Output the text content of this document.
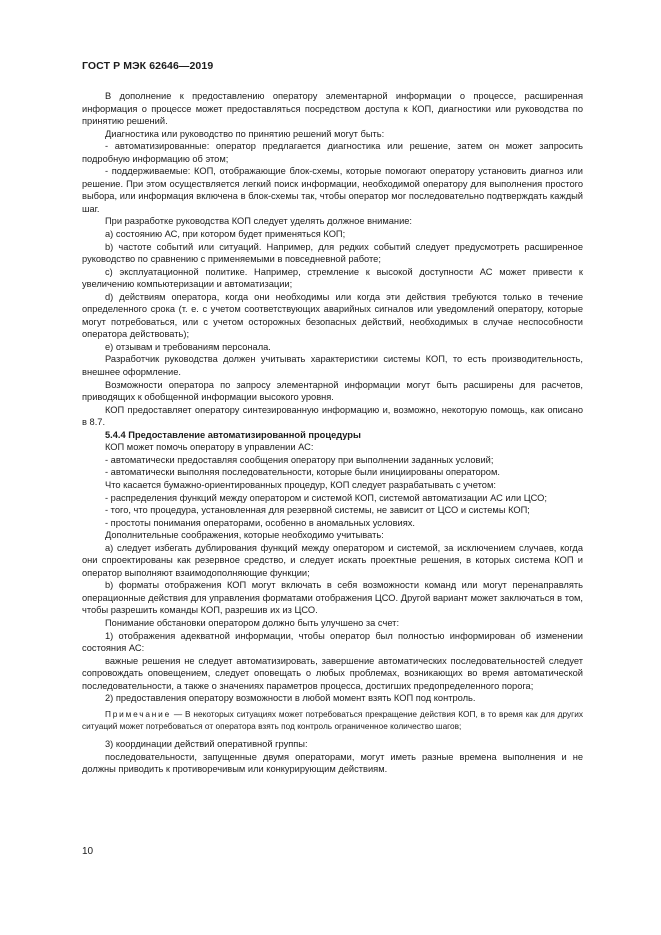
ГОСТ Р МЭК 62646—2019

В дополнение к предоставлению оператору элементарной информации о процессе, расширенная информация о процессе может предоставляться посредством доступа к КОП, диагностики или руководства по принятию решений.

Диагностика или руководство по принятию решений могут быть:

- автоматизированные: оператор предлагается диагностика или решение, затем он может запросить подробную информацию об этом;

- поддерживаемые: КОП, отображающие блок-схемы, которые помогают оператору установить диагноз или решение. При этом осуществляется легкий поиск информации, необходимой оператору для выполнения простого выбора, или информация включена в блок-схемы так, чтобы оператор мог последовательно подтверждать каждый шаг.

При разработке руководства КОП следует уделять должное внимание:

a) состоянию АС, при котором будет применяться КОП;

b) частоте событий или ситуаций. Например, для редких событий следует предусмотреть расширенное руководство по сравнению с применяемыми в повседневной работе;

c) эксплуатационной политике. Например, стремление к высокой доступности АС может привести к увеличению компьютеризации и автоматизации;

d) действиям оператора, когда они необходимы или когда эти действия требуются только в течение определенного срока (т. е. с учетом соответствующих аварийных сигналов или уведомлений оператору, которые могут потребоваться, или с учетом осторожных безопасных действий, необходимых в случае неспособности оператора действовать);

e) отзывам и требованиям персонала.

Разработчик руководства должен учитывать характеристики системы КОП, то есть производительность, внешнее оформление.

Возможности оператора по запросу элементарной информации могут быть расширены для расчетов, приводящих к обобщенной информации высокого уровня.

КОП предоставляет оператору синтезированную информацию и, возможно, некоторую помощь, как описано в 8.7.

5.4.4 Предоставление автоматизированной процедуры

КОП может помочь оператору в управлении АС:

- автоматически предоставляя сообщения оператору при выполнении заданных условий;

- автоматически выполняя последовательности, которые были инициированы оператором.

Что касается бумажно-ориентированных процедур, КОП следует разрабатывать с учетом:

- распределения функций между оператором и системой КОП, системой автоматизации АС или ЦСО;

- того, что процедура, установленная для резервной системы, не зависит от ЦСО и системы КОП;

- простоты понимания операторами, особенно в аномальных условиях.

Дополнительные соображения, которые необходимо учитывать:

a) следует избегать дублирования функций между оператором и системой, за исключением случаев, когда они спроектированы как резервное средство, и следует искать проектные решения, в которых система КОП и оператор выполняют взаимодополняющие функции;

b) форматы отображения КОП могут включать в себя возможности команд или могут перенаправлять операционные действия для управления форматами отображения ЦСО. Другой вариант может заключаться в том, чтобы разрешить команды КОП, разрешив их из ЦСО.

Понимание обстановки оператором должно быть улучшено за счет:

1) отображения адекватной информации, чтобы оператор был полностью информирован об изменении состояния АС:

важные решения не следует автоматизировать, завершение автоматических последовательностей следует сопровождать оповещением, следует оповещать о любых проблемах, возникающих во время автоматической последовательности, а также о значениях параметров процесса, достигших предопределенного порога;

2) предоставления оператору возможности в любой момент взять КОП под контроль.

Примечание — В некоторых ситуациях может потребоваться прекращение действия КОП, в то время как для других ситуаций может потребоваться от оператора взять под контроль ограниченное количество шагов;

3) координации действий оперативной группы:

последовательности, запущенные двумя операторами, могут иметь разные времена выполнения и не должны приводить к противоречивым или конкурирующим действиям.

10
